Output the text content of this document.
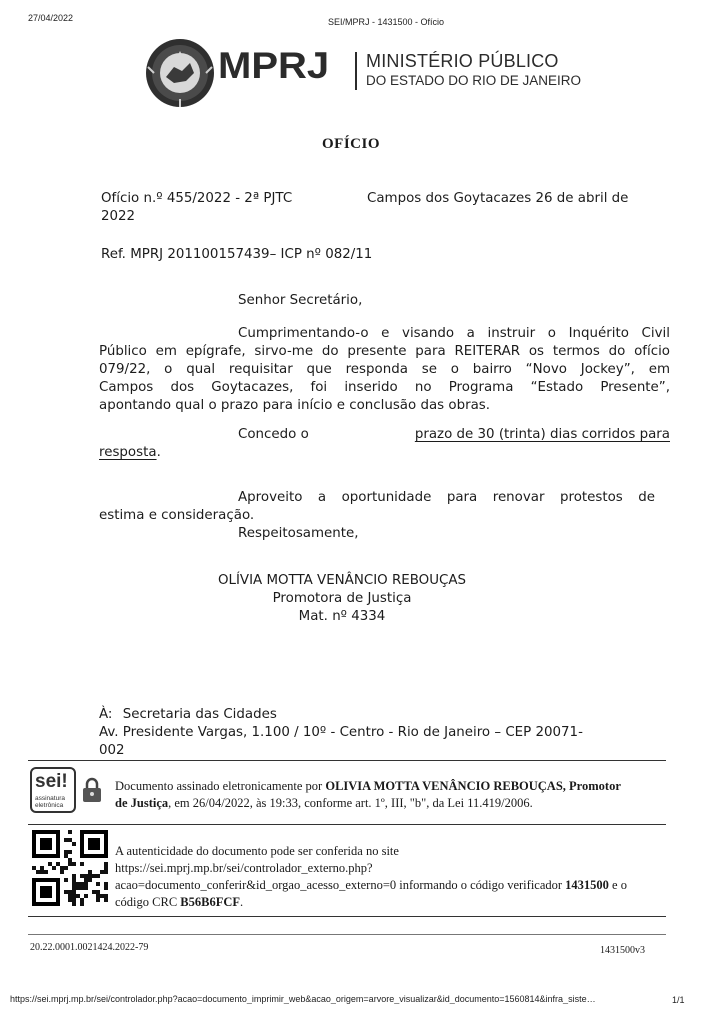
27/04/2022	SEI/MPRJ - 1431500 - Ofício
MPRJ MINISTÉRIO PÚBLICO
DO ESTADO DO RIO DE JANEIRO
OFÍCIO
Ofício n.º 455/2022 - 2ª PJTC
2022
Campos dos Goytacazes 26 de abril de
Ref. MPRJ 201100157439– ICP nº 082/11
Senhor Secretário,
Cumprimentando-o e visando a instruir o Inquérito Civil
Público em epígrafe, sirvo-me do presente para REITERAR os termos do ofício
079/22, o qual requisitar que responda se o bairro “Novo Jockey”, em
Campos dos Goytacazes, foi inserido no Programa “Estado Presente”,
apontando qual o prazo para início e conclusão das obras.
Concedo o	prazo de 30 (trinta) dias corridos para
resposta.
Aproveito a oportunidade para renovar protestos de
estima e consideração.
Respeitosamente,
OLÍVIA MOTTA VENÂNCIO REBOUÇAS
Promotora de Justiça
Mat. nº 4334
À: Secretaria das Cidades
Av. Presidente Vargas, 1.100 / 10º - Centro - Rio de Janeiro – CEP 20071-
002
sei!
assinatura
eletrônica
Documento assinado eletronicamente por OLIVIA MOTTA VENÂNCIO REBOUÇAS, Promotor
de Justiça, em 26/04/2022, às 19:33, conforme art. 1º, III, "b", da Lei 11.419/2006.
A autenticidade do documento pode ser conferida no site
https://sei.mprj.mp.br/sei/controlador_externo.php?
acao=documento_conferir&id_orgao_acesso_externo=0 informando o código verificador 1431500 e o
código CRC B56B6FCF.
20.22.0001.0021424.2022-79	1431500v3
https://sei.mprj.mp.br/sei/controlador.php?acao=documento_imprimir_web&acao_origem=arvore_visualizar&id_documento=1560814&infra_siste…	1/1
